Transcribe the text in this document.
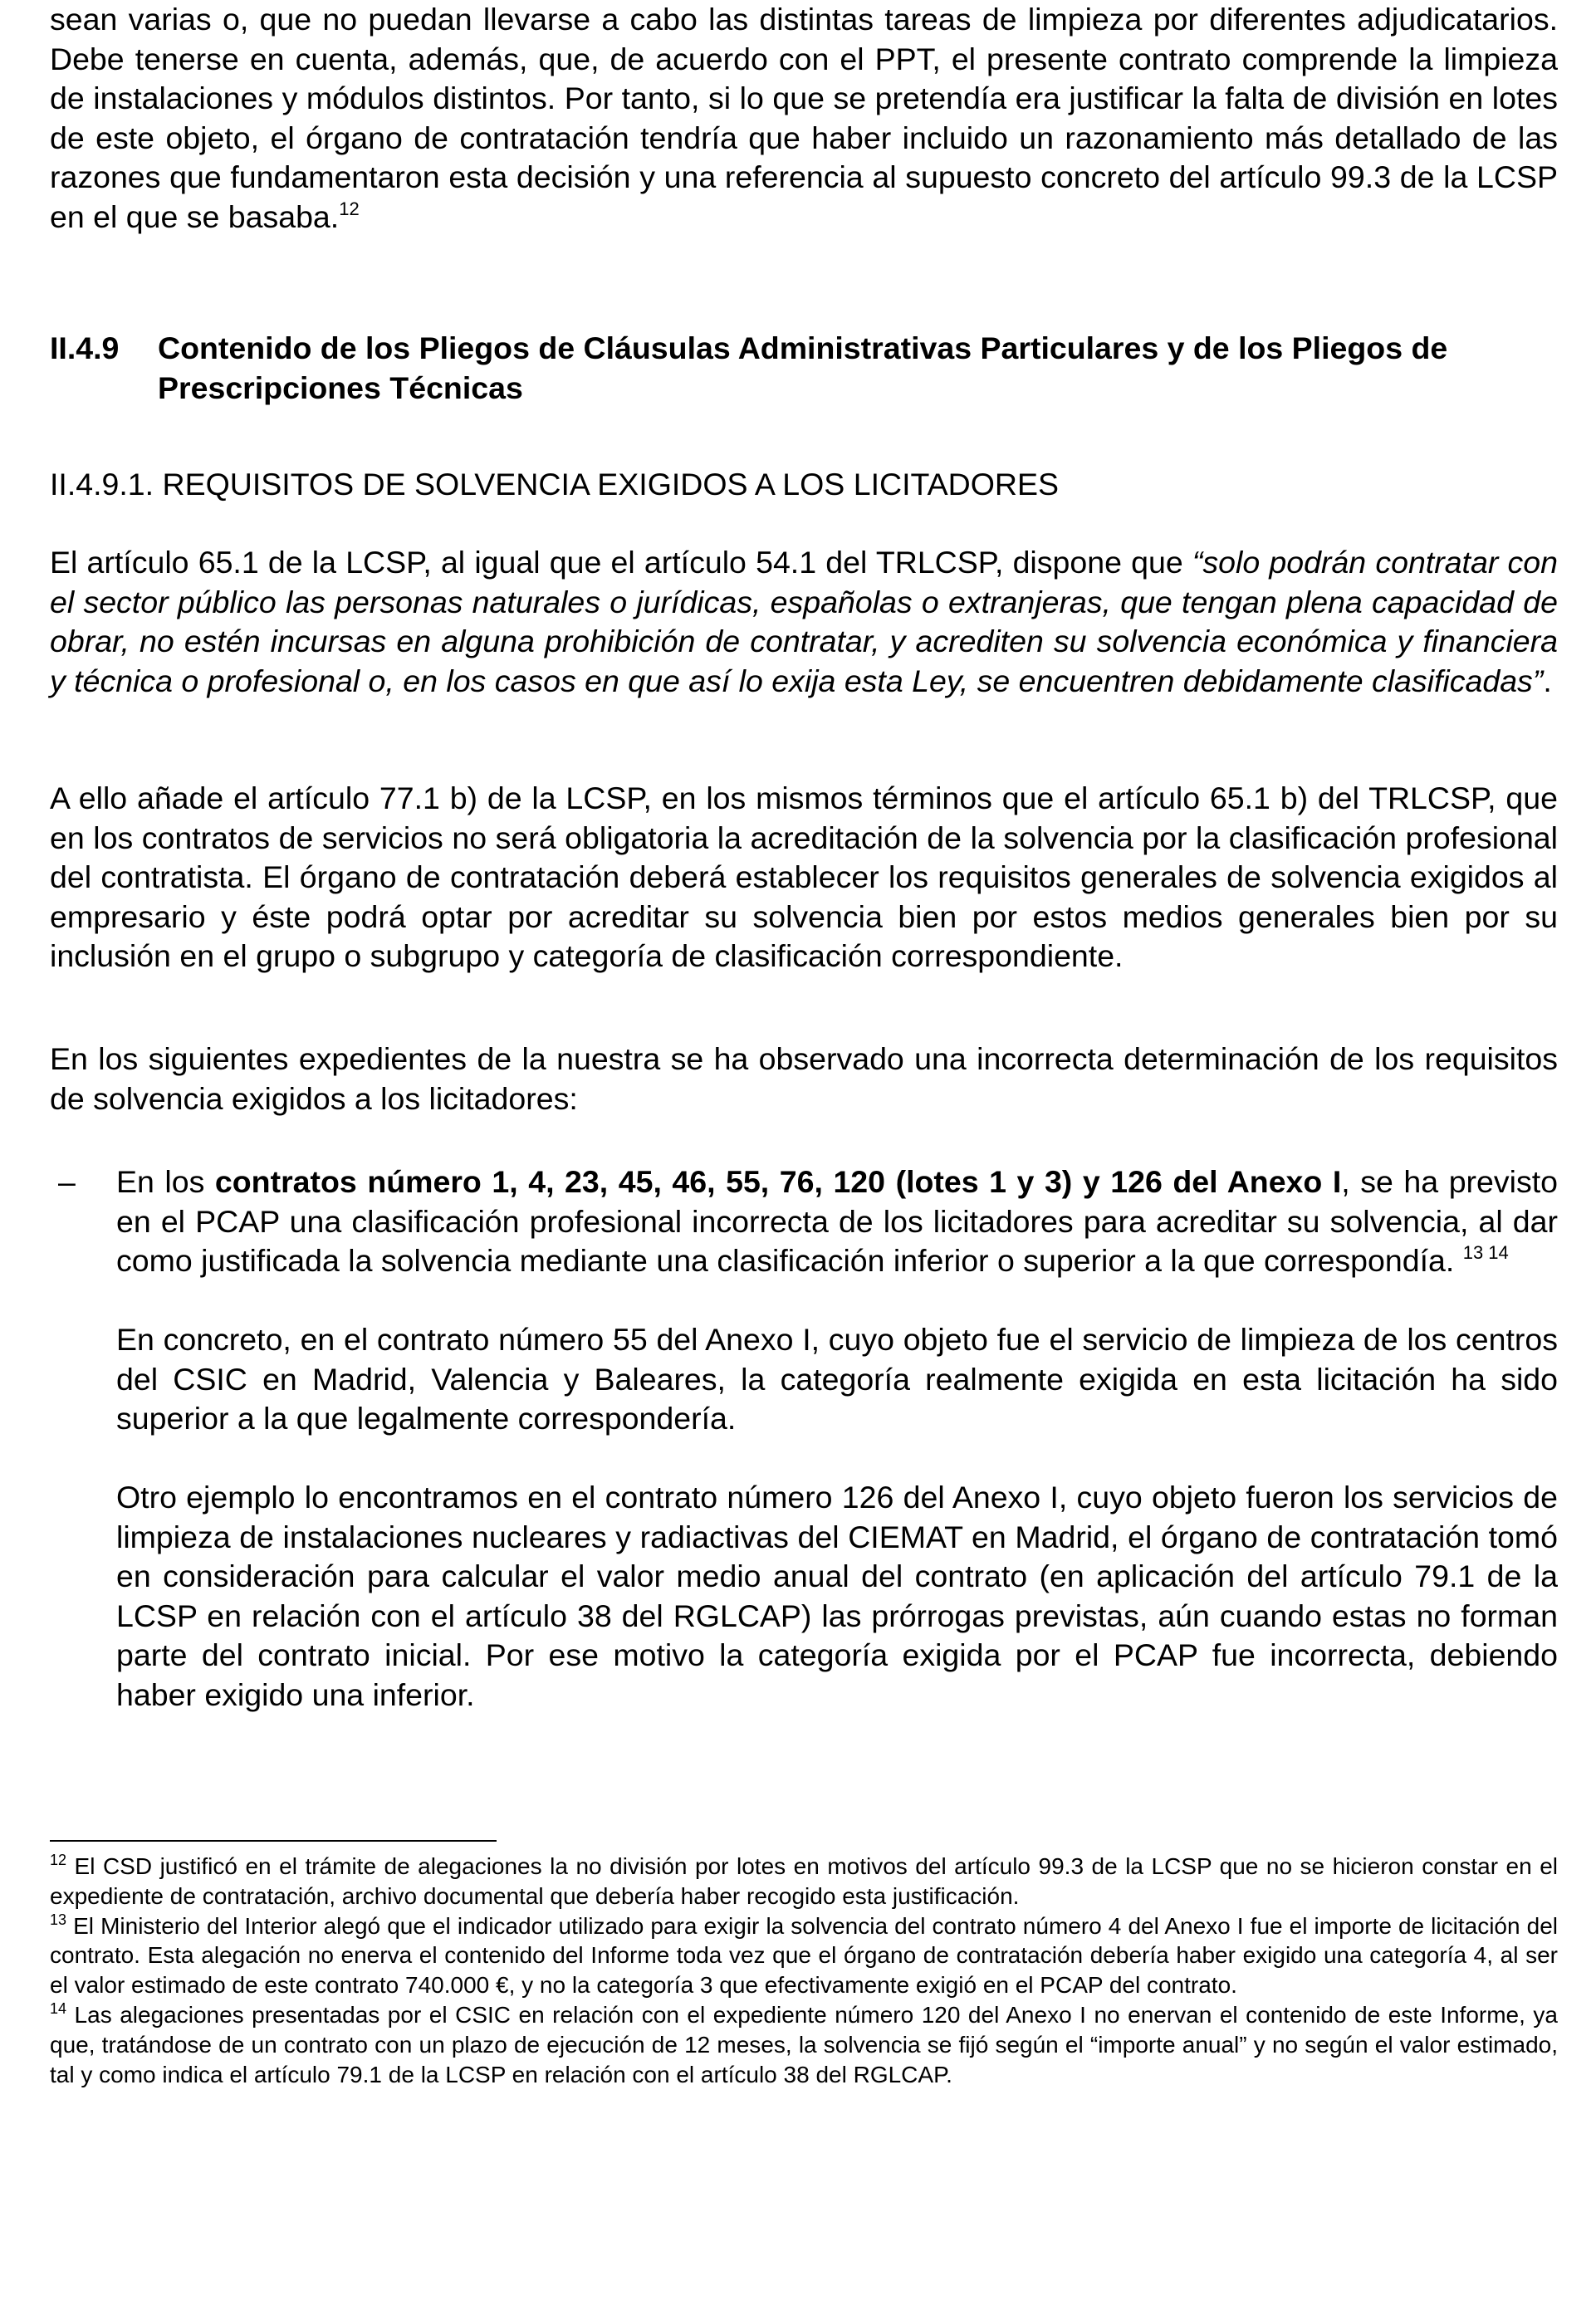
sean varias o, que no puedan llevarse a cabo las distintas tareas de limpieza por diferentes adjudicatarios. Debe tenerse en cuenta, además, que, de acuerdo con el PPT, el presente contrato comprende la limpieza de instalaciones y módulos distintos. Por tanto, si lo que se pretendía era justificar la falta de división en lotes de este objeto, el órgano de contratación tendría que haber incluido un razonamiento más detallado de las razones que fundamentaron esta decisión y una referencia al supuesto concreto del artículo 99.3 de la LCSP en el que se basaba.$^{12}$

II.4.9	Contenido de los Pliegos de Cláusulas Administrativas Particulares y de los Pliegos de Prescripciones Técnicas

II.4.9.1. REQUISITOS DE SOLVENCIA EXIGIDOS A LOS LICITADORES

El artículo 65.1 de la LCSP, al igual que el artículo 54.1 del TRLCSP, dispone que “solo podrán contratar con el sector público las personas naturales o jurídicas, españolas o extranjeras, que tengan plena capacidad de obrar, no estén incursas en alguna prohibición de contratar, y acrediten su solvencia económica y financiera y técnica o profesional o, en los casos en que así lo exija esta Ley, se encuentren debidamente clasificadas”.

A ello añade el artículo 77.1 b) de la LCSP, en los mismos términos que el artículo 65.1 b) del TRLCSP, que en los contratos de servicios no será obligatoria la acreditación de la solvencia por la clasificación profesional del contratista. El órgano de contratación deberá establecer los requisitos generales de solvencia exigidos al empresario y éste podrá optar por acreditar su solvencia bien por estos medios generales bien por su inclusión en el grupo o subgrupo y categoría de clasificación correspondiente.

En los siguientes expedientes de la nuestra se ha observado una incorrecta determinación de los requisitos de solvencia exigidos a los licitadores:

–	En los contratos número 1, 4, 23, 45, 46, 55, 76, 120 (lotes 1 y 3) y 126 del Anexo I, se ha previsto en el PCAP una clasificación profesional incorrecta de los licitadores para acreditar su solvencia, al dar como justificada la solvencia mediante una clasificación inferior o superior a la que correspondía. $^{13 14}$

En concreto, en el contrato número 55 del Anexo I, cuyo objeto fue el servicio de limpieza de los centros del CSIC en Madrid, Valencia y Baleares, la categoría realmente exigida en esta licitación ha sido superior a la que legalmente correspondería.

Otro ejemplo lo encontramos en el contrato número 126 del Anexo I, cuyo objeto fueron los servicios de limpieza de instalaciones nucleares y radiactivas del CIEMAT en Madrid, el órgano de contratación tomó en consideración para calcular el valor medio anual del contrato (en aplicación del artículo 79.1 de la LCSP en relación con el artículo 38 del RGLCAP) las prórrogas previstas, aún cuando estas no forman parte del contrato inicial. Por ese motivo la categoría exigida por el PCAP fue incorrecta, debiendo haber exigido una inferior.

$^{12}$ El CSD justificó en el trámite de alegaciones la no división por lotes en motivos del artículo 99.3 de la LCSP que no se hicieron constar en el expediente de contratación, archivo documental que debería haber recogido esta justificación.

$^{13}$ El Ministerio del Interior alegó que el indicador utilizado para exigir la solvencia del contrato número 4 del Anexo I fue el importe de licitación del contrato. Esta alegación no enerva el contenido del Informe toda vez que el órgano de contratación debería haber exigido una categoría 4, al ser el valor estimado de este contrato 740.000 €, y no la categoría 3 que efectivamente exigió en el PCAP del contrato.

$^{14}$ Las alegaciones presentadas por el CSIC en relación con el expediente número 120 del Anexo I no enervan el contenido de este Informe, ya que, tratándose de un contrato con un plazo de ejecución de 12 meses, la solvencia se fijó según el “importe anual” y no según el valor estimado, tal y como indica el artículo 79.1 de la LCSP en relación con el artículo 38 del RGLCAP.
